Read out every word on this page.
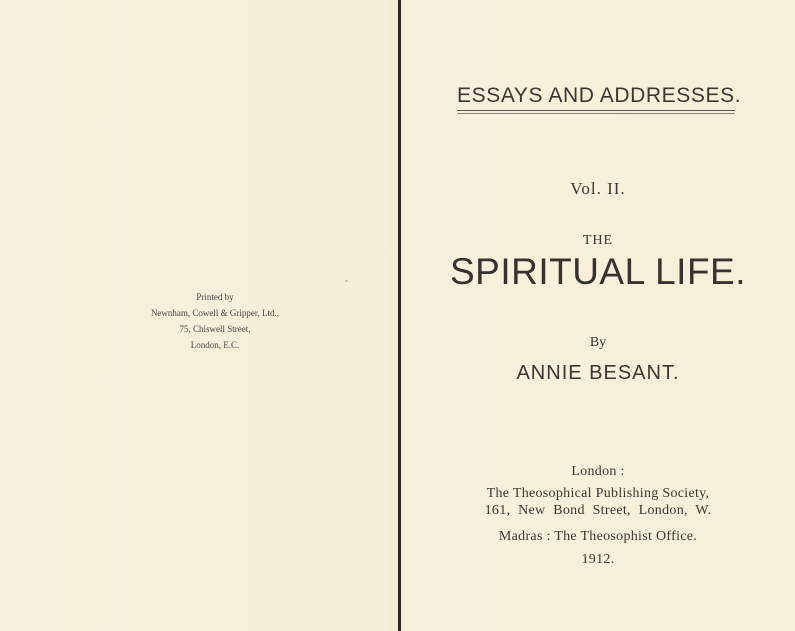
Printed by
Newnham, Cowell & Gripper, Ltd.,
75, Chiswell Street,
London, E.C.
ESSAYS AND ADDRESSES.
Vol. II.
THE
SPIRITUAL LIFE.
By
ANNIE BESANT.
London :
The Theosophical Publishing Society,
161, New Bond Street, London, W.
Madras : The Theosophist Office.
1912.
